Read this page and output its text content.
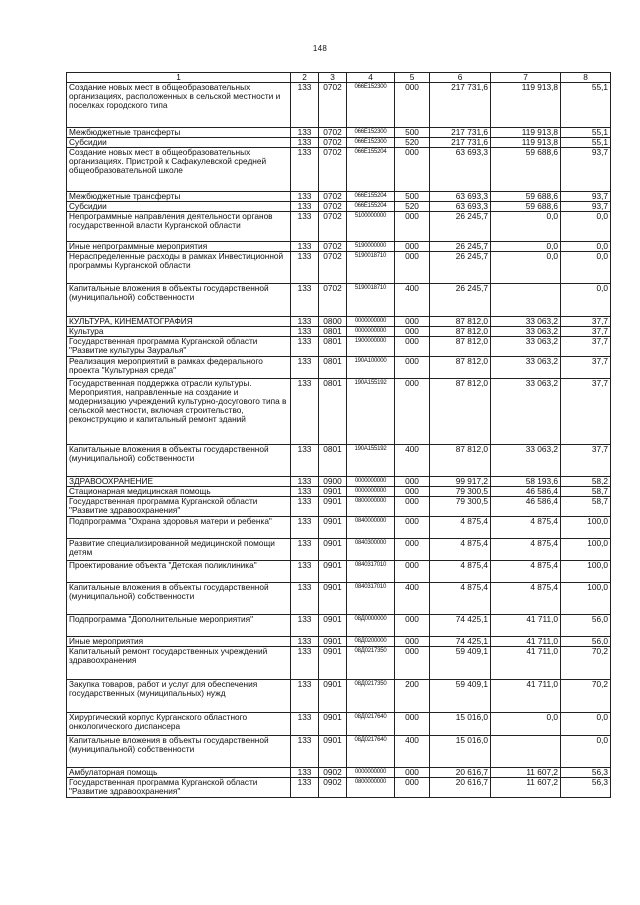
148
1	2	3	4	5	6	7	8
Создание новых мест в общеобразовательных организациях, расположенных в сельской местности и поселках городского типа	133	0702	066E152300	000	217 731,6	119 913,8	55,1
Межбюджетные трансферты	133	0702	066E152300	500	217 731,6	119 913,8	55,1
Субсидии	133	0702	066E152300	520	217 731,6	119 913,8	55,1
Создание новых мест в общеобразовательных организациях. Пристрой к Сафакулевской средней общеобразовательной школе	133	0702	066E155204	000	63 693,3	59 688,6	93,7
Межбюджетные трансферты	133	0702	066E155204	500	63 693,3	59 688,6	93,7
Субсидии	133	0702	066E155204	520	63 693,3	59 688,6	93,7
Непрограммные направления деятельности органов государственной власти Курганской области	133	0702	5100000000	000	26 245,7	0,0	0,0
Иные непрограммные мероприятия	133	0702	5190000000	000	26 245,7	0,0	0,0
Нераспределенные расходы в рамках Инвестиционной программы Курганской области	133	0702	5190018710	000	26 245,7	0,0	0,0
Капитальные вложения в объекты государственной (муниципальной) собственности	133	0702	5190018710	400	26 245,7		0,0
КУЛЬТУРА, КИНЕМАТОГРАФИЯ	133	0800	0000000000	000	87 812,0	33 063,2	37,7
Культура	133	0801	0000000000	000	87 812,0	33 063,2	37,7
Государственная программа Курганской области "Развитие культуры Зауралья"	133	0801	1900000000	000	87 812,0	33 063,2	37,7
Реализация мероприятий в рамках федерального проекта "Культурная среда"	133	0801	190A100000	000	87 812,0	33 063,2	37,7
Государственная поддержка отрасли культуры. Мероприятия, направленные на создание и модернизацию учреждений культурно-досугового типа в сельской местности, включая строительство, реконструкцию и капитальный ремонт зданий	133	0801	190A155192	000	87 812,0	33 063,2	37,7
Капитальные вложения в объекты государственной (муниципальной) собственности	133	0801	190A155192	400	87 812,0	33 063,2	37,7
ЗДРАВООХРАНЕНИЕ	133	0900	0000000000	000	99 917,2	58 193,6	58,2
Стационарная медицинская помощь	133	0901	0000000000	000	79 300,5	46 586,4	58,7
Государственная программа Курганской области "Развитие здравоохранения"	133	0901	0800000000	000	79 300,5	46 586,4	58,7
Подпрограмма "Охрана здоровья матери и ребенка"	133	0901	0840000000	000	4 875,4	4 875,4	100,0
Развитие специализированной медицинской помощи детям	133	0901	0840300000	000	4 875,4	4 875,4	100,0
Проектирование объекта "Детская поликлиника"	133	0901	0840317010	000	4 875,4	4 875,4	100,0
Капитальные вложения в объекты государственной (муниципальной) собственности	133	0901	0840317010	400	4 875,4	4 875,4	100,0
Подпрограмма "Дополнительные мероприятия"	133	0901	08Д0000000	000	74 425,1	41 711,0	56,0
Иные мероприятия	133	0901	08Д0200000	000	74 425,1	41 711,0	56,0
Капитальный ремонт государственных учреждений здравоохранения	133	0901	08Д0217350	000	59 409,1	41 711,0	70,2
Закупка товаров, работ и услуг для обеспечения государственных (муниципальных) нужд	133	0901	08Д0217350	200	59 409,1	41 711,0	70,2
Хирургический корпус Курганского областного онкологического диспансера	133	0901	08Д0217640	000	15 016,0	0,0	0,0
Капитальные вложения в объекты государственной (муниципальной) собственности	133	0901	08Д0217640	400	15 016,0		0,0
Амбулаторная помощь	133	0902	0000000000	000	20 616,7	11 607,2	56,3
Государственная программа Курганской области "Развитие здравоохранения"	133	0902	0800000000	000	20 616,7	11 607,2	56,3
